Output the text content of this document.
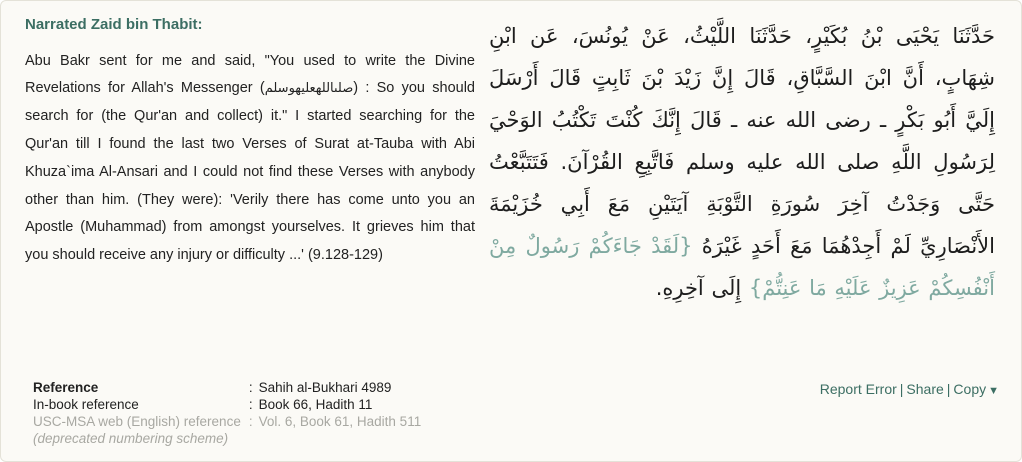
Narrated Zaid bin Thabit:
Abu Bakr sent for me and said, "You used to write the Divine Revelations for Allah's Messenger (صلىاللهعليهوسلم) : So you should search for (the Qur'an and collect) it." I started searching for the Qur'an till I found the last two Verses of Surat at-Tauba with Abi Khuza`ima Al-Ansari and I could not find these Verses with anybody other than him. (They were): 'Verily there has come unto you an Apostle (Muhammad) from amongst yourselves. It grieves him that you should receive any injury or difficulty ...' (9.128-129)
حَدَّثَنَا يَحْيَى بْنُ بُكَيْرٍ، حَدَّثَنَا اللَّيْثُ، عَنْ يُونُسَ، عَن ابْنِ شِهَابٍ، أَنَّ ابْنَ السَّبَّاقِ، قَالَ إِنَّ زَيْدَ بْنَ ثَابِتٍ قَالَ أَرْسَلَ إِلَيَّ أَبُو بَكْرٍ ـ رضى الله عنه ـ قَالَ إِنَّكَ كُنْتَ تَكْتُبُ الوَحْيَ لِرَسُولِ اللَّهِ صلى الله عليه وسلم فَاتَّبِعِ القُرْآنَ. فَتَتَبَّعْتُ حَتَّى وَجَدْتُ آخِرَ سُورَةِ التَّوْبَةِ آيَتَيْنِ مَعَ أَبِي خُزَيْمَةَ الأَنْصَارِيِّ لَمْ أَجِدْهُمَا مَعَ أَحَدٍ غَيْرَهُ {لَقَدْ جَاءَكُمْ رَسُولٌ مِنْ أَنْفُسِكُمْ عَزِيزٌ عَلَيْهِ مَا عَنِتُّمْ} إِلَى آخِرِهِ.
Reference	:	Sahih al-Bukhari 4989
In-book reference	:	Book 66, Hadith 11
USC-MSA web (English) reference	:	Vol. 6, Book 61, Hadith 511
(deprecated numbering scheme)		
Report Error | Share | Copy ▼
